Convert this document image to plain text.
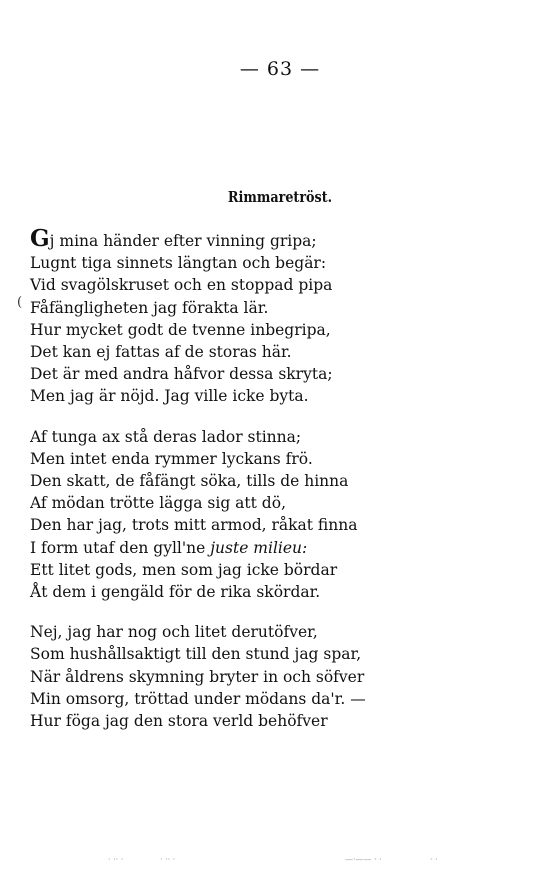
— 63 —
Rimmaretröst.
(
Gj mina händer efter vinning gripa;
Lugnt tiga sinnets längtan och begär:
Vid svagölskruset och en stoppad pipa
Fåfängligheten jag förakta lär.
Hur mycket godt de tvenne inbegripa,
Det kan ej fattas af de storas här.
Det är med andra håfvor dessa skryta;
Men jag är nöjd. Jag ville icke byta.
Af tunga ax stå deras lador stinna;
Men intet enda rymmer lyckans frö.
Den skatt, de fåfängt söka, tills de hinna
Af mödan trötte lägga sig att dö,
Den har jag, trots mitt armod, råkat finna
I form utaf den gyll'ne juste milieu:
Ett litet gods, men som jag icke bördar
Åt dem i gengäld för de rika skördar.
Nej, jag har nog och litet derutöfver,
Som hushållsaktigt till den stund jag spar,
När åldrens skymning bryter in och söfver
Min omsorg, tröttad under mödans da'r. —
Hur föga jag den stora verld behöfver
· ·· ·	· ·· ·	—·—— · ·	· ·
